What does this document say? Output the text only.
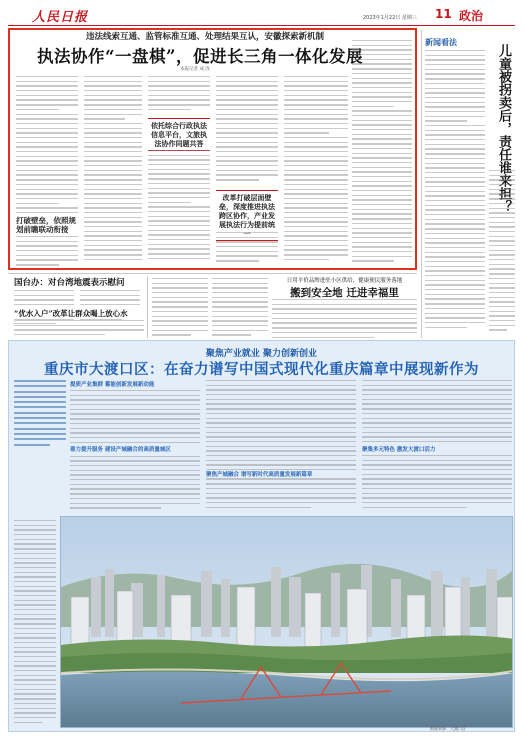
人民日报	2023年1月22日 星期三 11 政治
违法线索互通、监管标准互通、处理结果互认，安徽探索新机制
执法协作“一盘棋”，促进长三角一体化发展
本报记者 成 改
打破壁垒，依照规划前瞻联动衔接
依托综合行政执法信息平台，文旅执法协作同题共答
改革打破层面壁垒，深度推进执法跨区协作，产业发展执法行为提前统一
新闻看法
儿童被拐卖后，责任谁来担？
国台办：对台湾地震表示慰问
“优水入户”改革让群众喝上放心水
日用平价品牌进驻小区供给，健康便民服务落地
搬到安全地 迁进幸福里
聚焦产业就业 聚力创新创业
重庆市大渡口区：在奋力谱写中国式现代化重庆篇章中展现新作为
提质产业集群 蓄能创新发展新动能
着力提升服务 建设产城融合的高质量城区
聚焦产城融合 谱写新时代高质量发展新篇章
聚集多元特色 激发大渡口活力
数据来源：大渡口区
